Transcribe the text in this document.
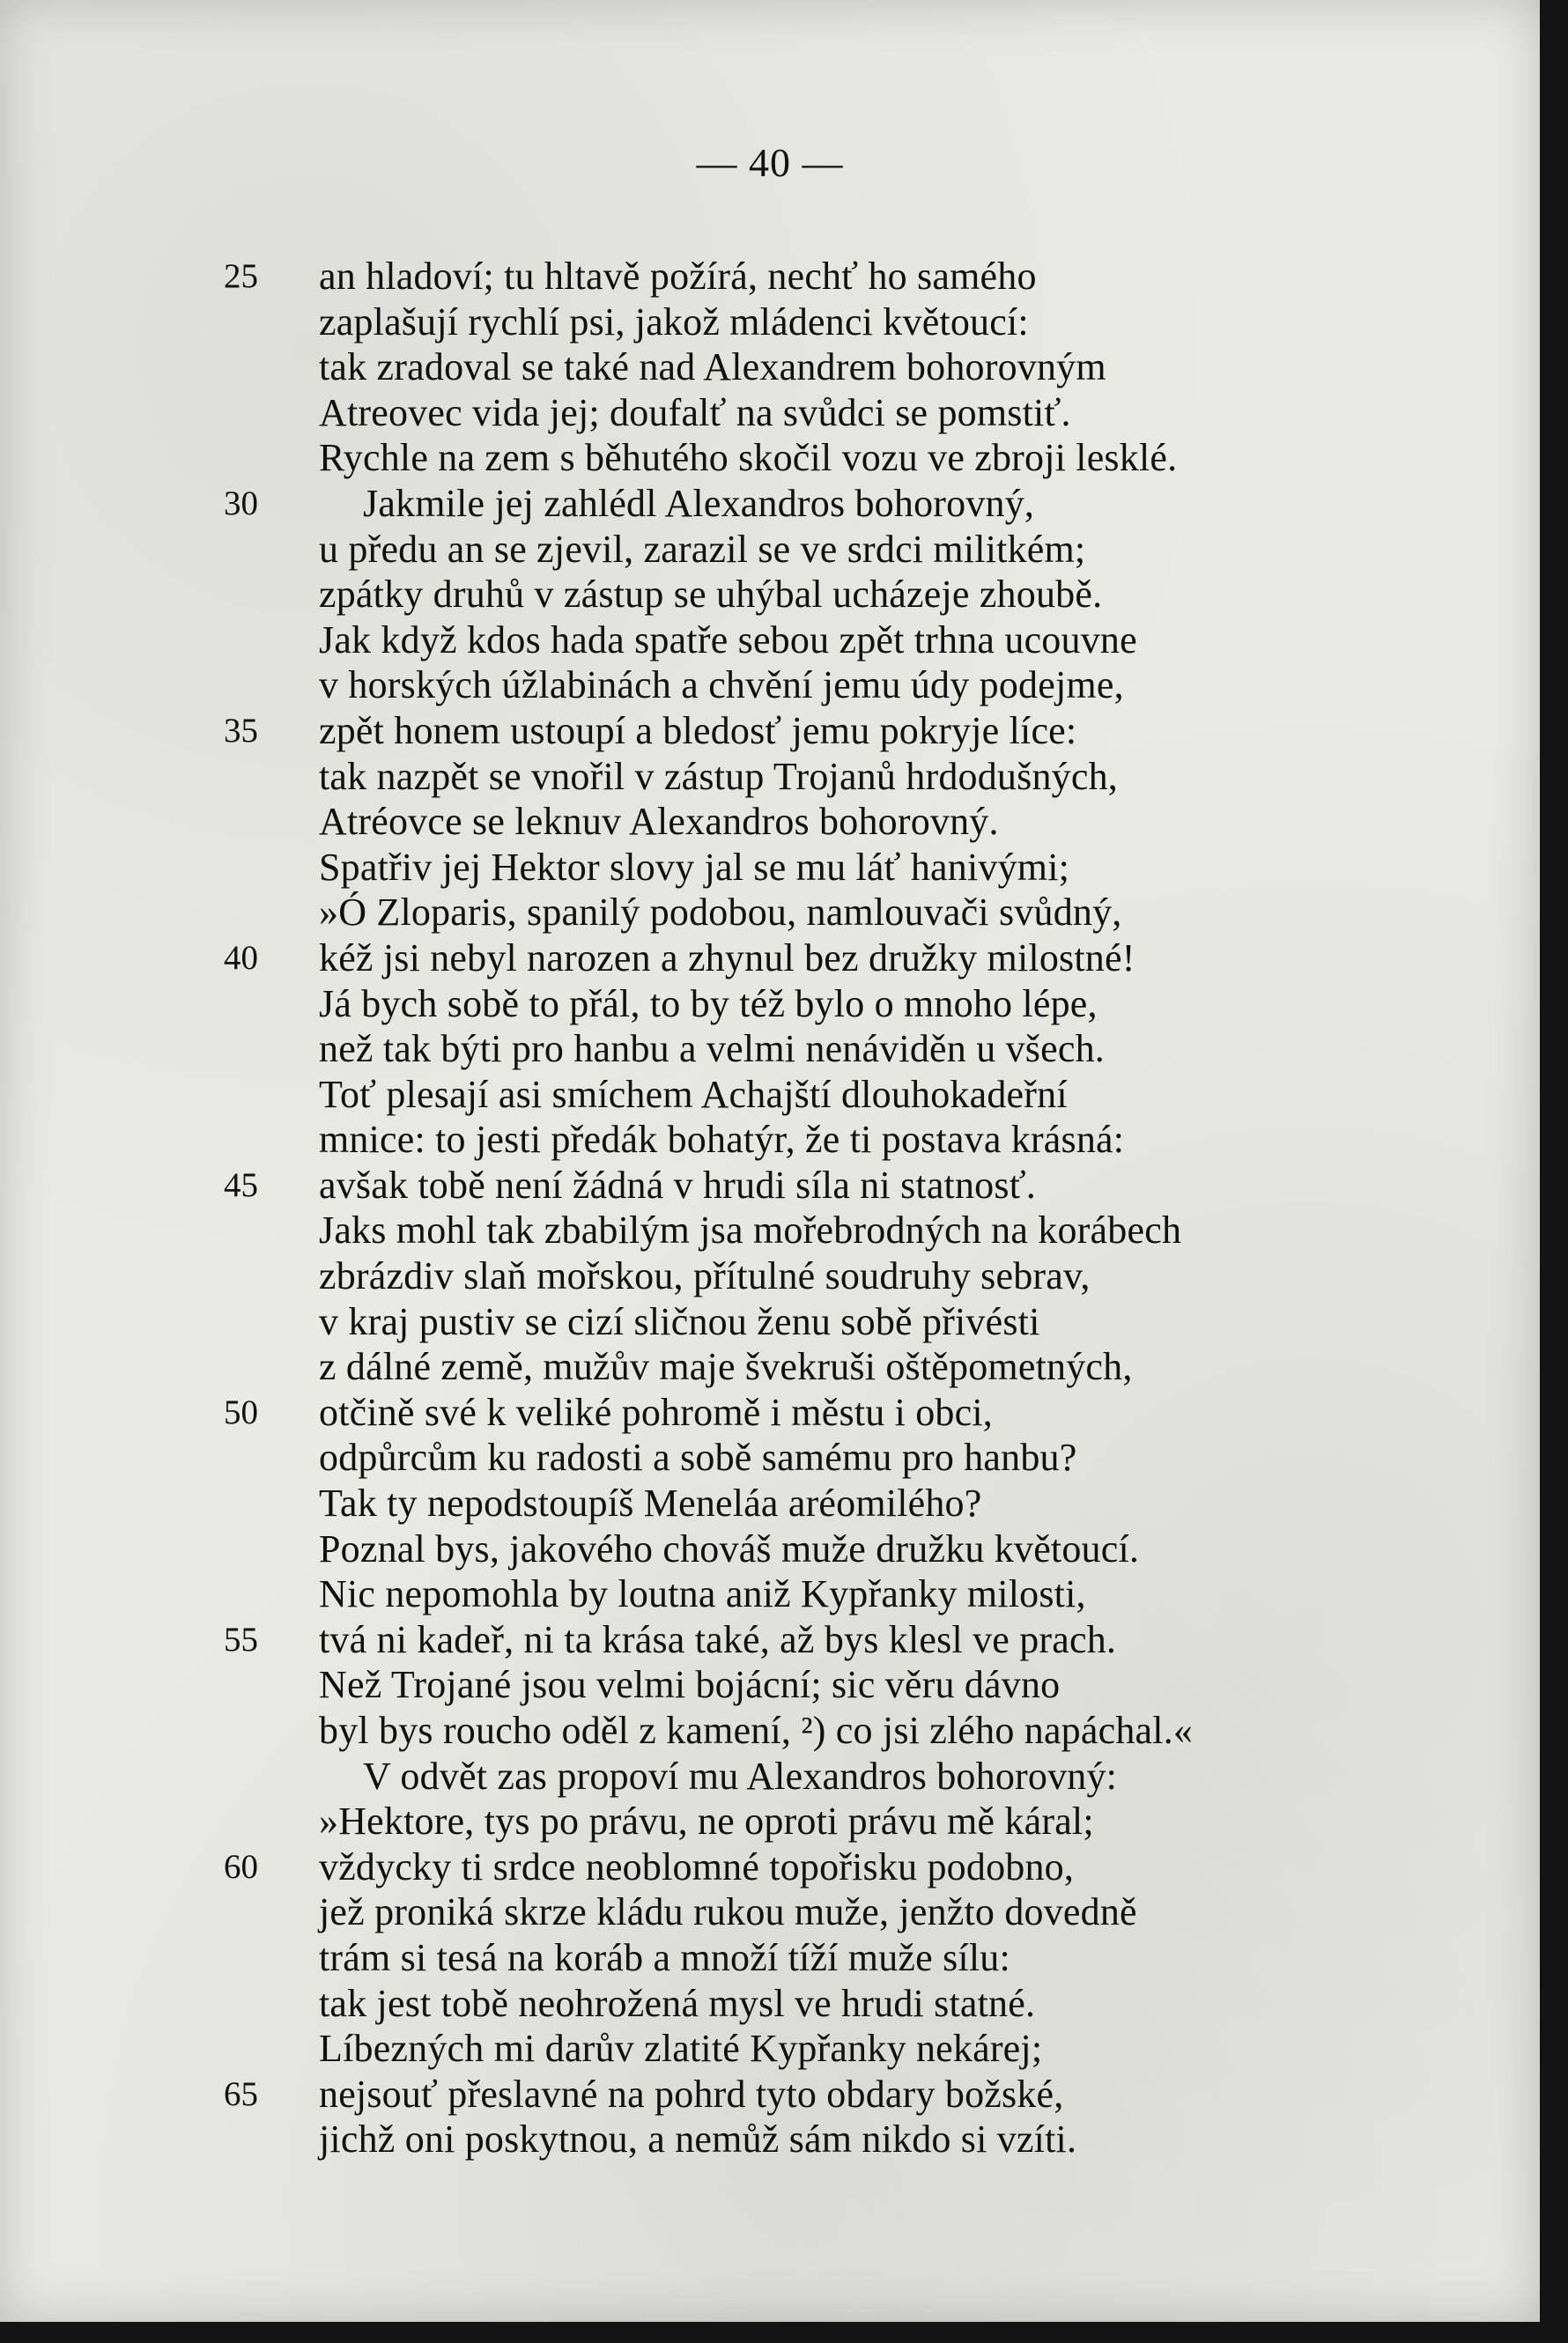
— 40 —
25	an hladoví; tu hltavě požírá, nechť ho samého
zaplašují rychlí psi, jakož mládenci květoucí:
tak zradoval se také nad Alexandrem bohorovným
Atreovec vida jej; doufalť na svůdci se pomstiť.
Rychle na zem s běhutého skočil vozu ve zbroji lesklé.
30	Jakmile jej zahlédl Alexandros bohorovný,
u předu an se zjevil, zarazil se ve srdci militkém;
zpátky druhů v zástup se uhýbal ucházeje zhoubě.
Jak když kdos hada spatře sebou zpět trhna ucouvne
v horských úžlabinách a chvění jemu údy podejme,
35	zpět honem ustoupí a bledosť jemu pokryje líce:
tak nazpět se vnořil v zástup Trojanů hrdodušných,
Atréovce se leknuv Alexandros bohorovný.
Spatřiv jej Hektor slovy jal se mu láť hanivými;
»Ó Zloparis, spanilý podobou, namlouvači svůdný,
40	kéž jsi nebyl narozen a zhynul bez družky milostné!
Já bych sobě to přál, to by též bylo o mnoho lépe,
než tak býti pro hanbu a velmi nenáviděn u všech.
Toť plesají asi smíchem Achajští dlouhokadeřní
mnice: to jesti předák bohatýr, že ti postava krásná:
45	avšak tobě není žádná v hrudi síla ni statnosť.
Jaks mohl tak zbabilým jsa mořebrodných na korábech
zbrázdiv slaň mořskou, přítulné soudruhy sebrav,
v kraj pustiv se cizí sličnou ženu sobě přivésti
z dálné země, mužův maje švekruši oštěpometných,
50	otčině své k veliké pohromě i městu i obci,
odpůrcům ku radosti a sobě samému pro hanbu?
Tak ty nepodstoupíš Meneláa aréomilého?
Poznal bys, jakového chováš muže družku květoucí.
Nic nepomohla by loutna aniž Kypřanky milosti,
55	tvá ni kadeř, ni ta krása také, až bys klesl ve prach.
Než Trojané jsou velmi bojácní; sic věru dávno
byl bys roucho oděl z kamení, ²) co jsi zlého napáchal.«
V odvět zas propoví mu Alexandros bohorovný:
»Hektore, tys po právu, ne oproti právu mě káral;
60	vždycky ti srdce neoblomné topořisku podobno,
jež proniká skrze kládu rukou muže, jenžto dovedně
trám si tesá na koráb a množí tíží muže sílu:
tak jest tobě neohrožená mysl ve hrudi statné.
Líbezných mi darův zlatité Kypřanky nekárej;
65	nejsouť přeslavné na pohrd tyto obdary božské,
jichž oni poskytnou, a nemůž sám nikdo si vzíti.
